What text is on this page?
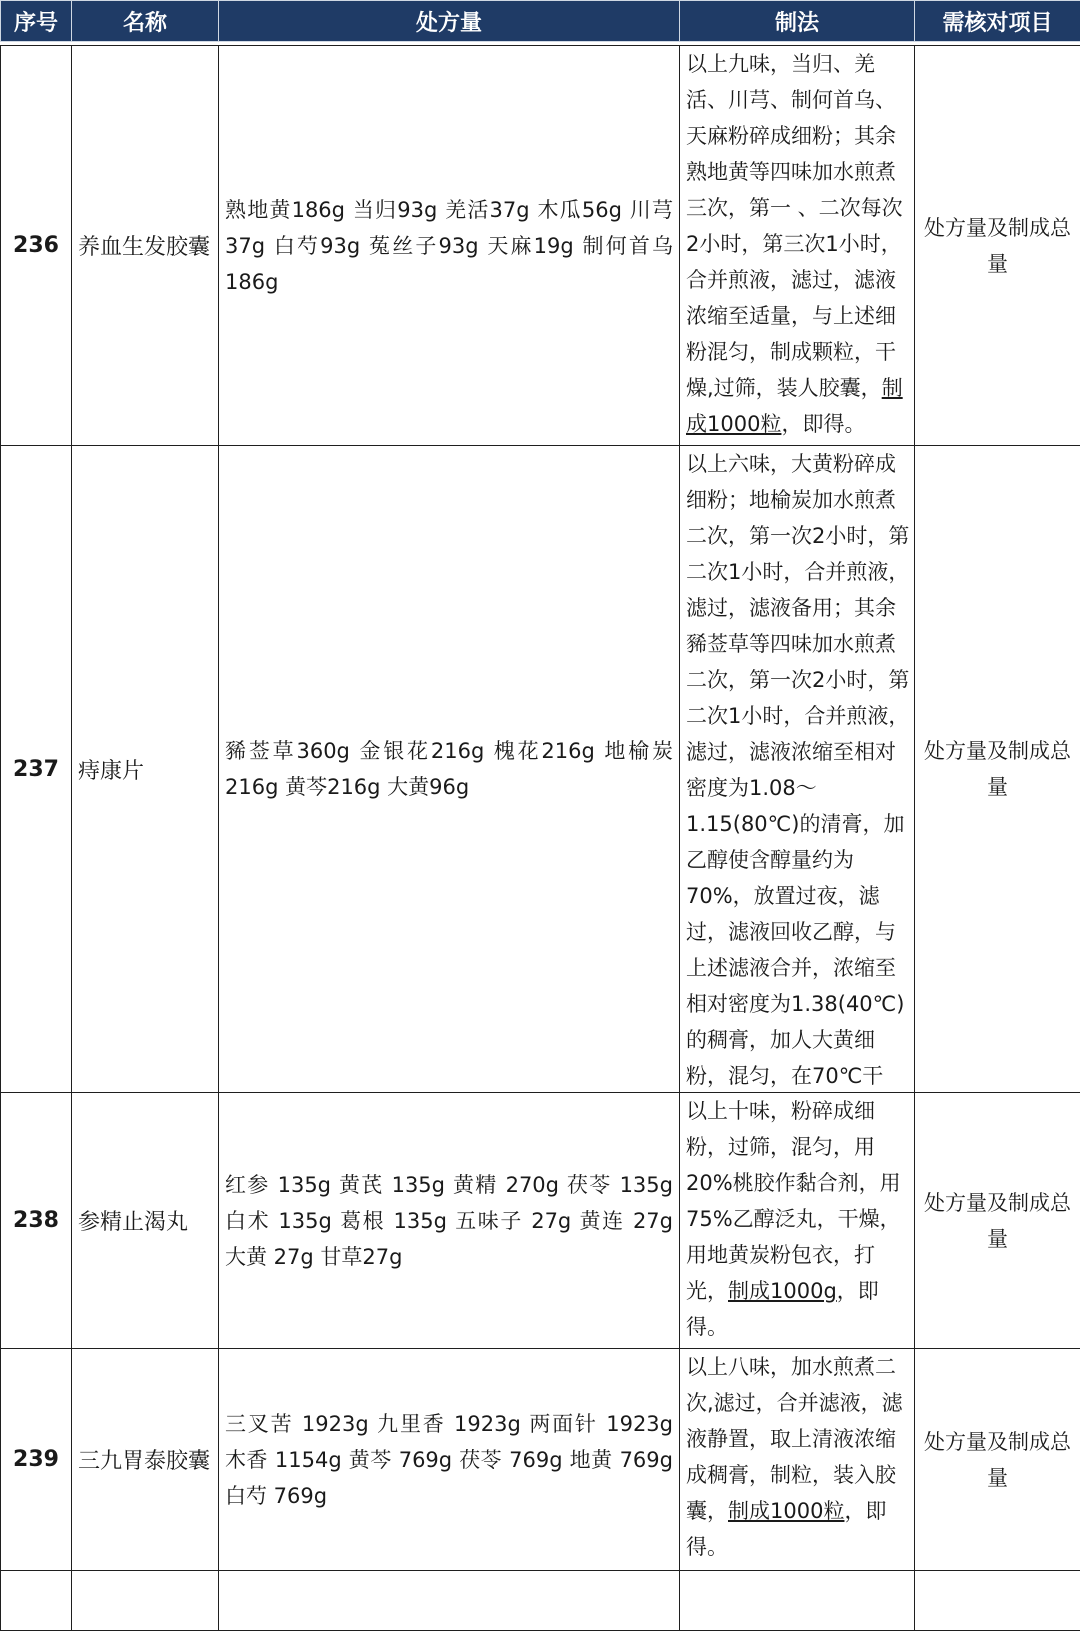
序号	名称	处方量	制法	需核对项目

236	养血生发胶囊	熟地黄186g 当归93g 羌活37g 木瓜56g 川芎37g 白芍93g 菟丝子93g 天麻19g 制何首乌186g	以上九味，当归、羌活、川芎、制何首乌、天麻粉碎成细粉；其余熟地黄等四味加水煎煮三次，第一 、二次每次2小时，第三次1小时，合并煎液，滤过，滤液浓缩至适量，与上述细粉混匀，制成颗粒，干燥,过筛，装人胶囊，制成1000粒，即得。	处方量及制成总量
237	痔康片	豨莶草360g 金银花216g 槐花216g 地榆炭216g 黄芩216g 大黄96g	以上六味，大黄粉碎成细粉；地榆炭加水煎煮二次，第一次2小时，第二次1小时，合并煎液，滤过，滤液备用；其余豨莶草等四味加水煎煮二次，第一次2小时，第二次1小时，合并煎液，滤过，滤液浓缩至相对密度为1.08～1.15(80℃)的清膏，加乙醇使含醇量约为70%，放置过夜，滤过，滤液回收乙醇，与上述滤液合并，浓缩至相对密度为1.38(40℃)的稠膏，加人大黄细粉，混匀，在70℃干	处方量及制成总量
238	参精止渴丸	红参 135g 黄芪 135g 黄精 270g 茯苓 135g 白术 135g 葛根 135g 五味子 27g 黄连 27g 大黄 27g 甘草27g	以上十味，粉碎成细粉，过筛，混匀，用20%桃胶作黏合剂，用75%乙醇泛丸，干燥，用地黄炭粉包衣，打光，制成1000g，即得。	处方量及制成总量
239	三九胃泰胶囊	三叉苦 1923g 九里香 1923g 两面针 1923g 木香 1154g 黄芩 769g 茯苓 769g 地黄 769g 白芍 769g	以上八味，加水煎煮二次,滤过，合并滤液，滤液静置，取上清液浓缩成稠膏，制粒，装入胶囊，制成1000粒，即得。	处方量及制成总量
